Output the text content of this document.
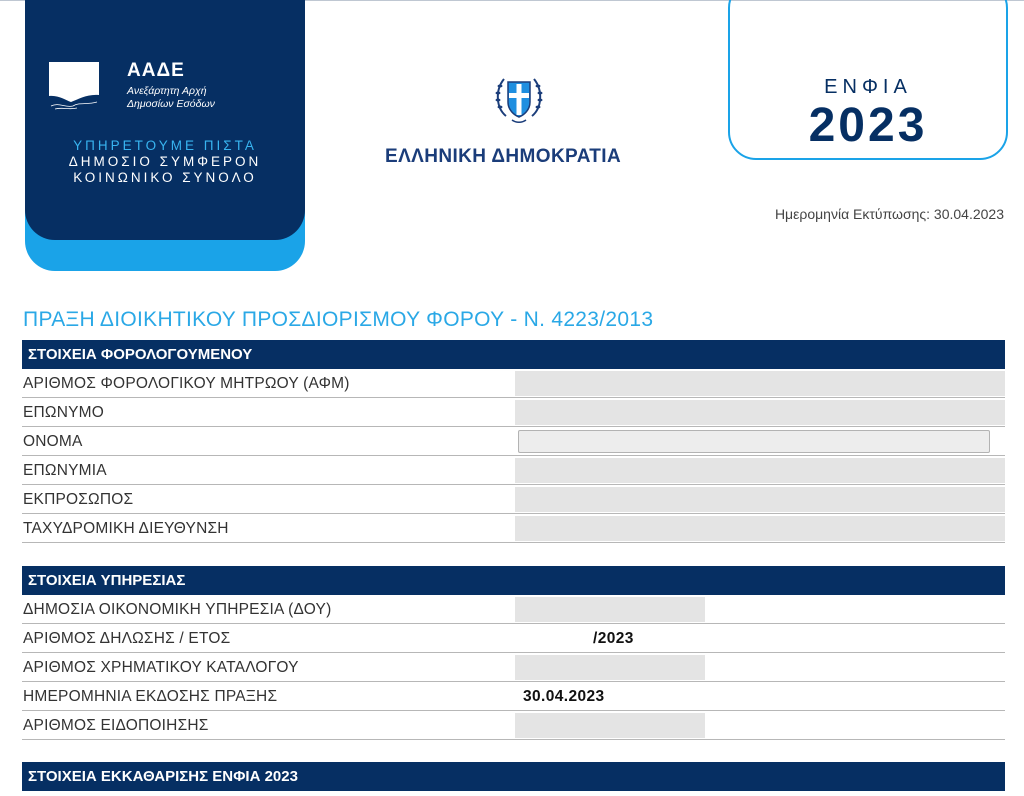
ΑΑΔΕ
Ανεξάρτητη Αρχή
Δημοσίων Εσόδων
ΥΠΗΡΕΤΟΥΜΕ ΠΙΣΤΑ
ΔΗΜΟΣΙΟ ΣΥΜΦΕΡΟΝ
ΚΟΙΝΩΝΙΚΟ ΣΥΝΟΛΟ
ΕΛΛΗΝΙΚΗ ΔΗΜΟΚΡΑΤΙΑ
ΕΝΦΙΑ
2023
Ημερομηνία Εκτύπωσης: 30.04.2023
ΠΡΑΞΗ ΔΙΟΙΚΗΤΙΚΟΥ ΠΡΟΣΔΙΟΡΙΣΜΟΥ ΦΟΡΟΥ - Ν. 4223/2013
ΣΤΟΙΧΕΙΑ ΦΟΡΟΛΟΓΟΥΜΕΝΟΥ
ΑΡΙΘΜΟΣ ΦΟΡΟΛΟΓΙΚΟΥ ΜΗΤΡΩΟΥ (ΑΦΜ)
ΕΠΩΝΥΜΟ
ΟΝΟΜΑ
ΕΠΩΝΥΜΙΑ
ΕΚΠΡΟΣΩΠΟΣ
ΤΑΧΥΔΡΟΜΙΚΗ ΔΙΕΥΘΥΝΣΗ
ΣΤΟΙΧΕΙΑ ΥΠΗΡΕΣΙΑΣ
ΔΗΜΟΣΙΑ ΟΙΚΟΝΟΜΙΚΗ ΥΠΗΡΕΣΙΑ (ΔΟΥ)
ΑΡΙΘΜΟΣ ΔΗΛΩΣΗΣ / ΕΤΟΣ	/2023
ΑΡΙΘΜΟΣ ΧΡΗΜΑΤΙΚΟΥ ΚΑΤΑΛΟΓΟΥ
ΗΜΕΡΟΜΗΝΙΑ ΕΚΔΟΣΗΣ ΠΡΑΞΗΣ	30.04.2023
ΑΡΙΘΜΟΣ ΕΙΔΟΠΟΙΗΣΗΣ
ΣΤΟΙΧΕΙΑ ΕΚΚΑΘΑΡΙΣΗΣ ΕΝΦΙΑ 2023
